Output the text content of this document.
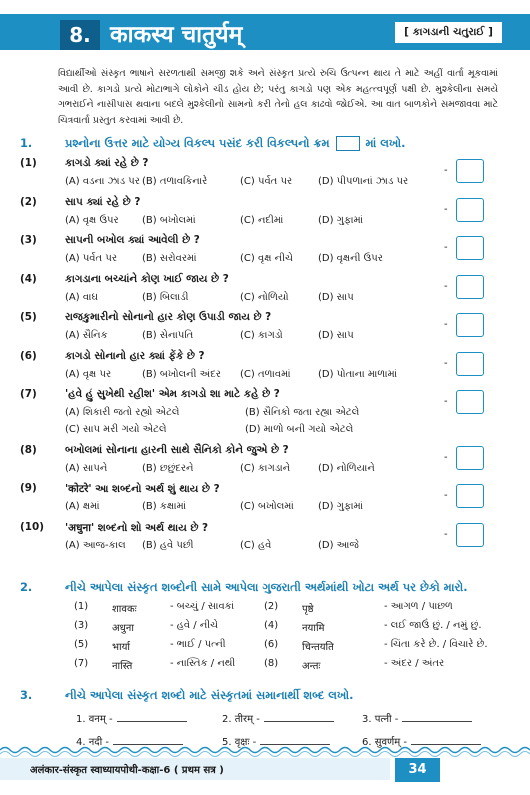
8. काकस्य चातुर्यम्	[ કાગડાની ચતુરાઈ ]
વિદ્યાર્થીઓ સંસ્કૃત ભાષાને સરળતાથી સમજી શકે અને સંસ્કૃત પ્રત્યે રુચિ ઉત્પન્ન થાય તે માટે અહીં વાર્તા મૂકવામાં આવી છે. કાગડો પ્રત્યે મોટાભાગે લોકોને ચીડ હોય છે; પરંતુ કાગડો પણ એક મહત્ત્વપૂર્ણ પક્ષી છે. મુશ્કેલીના સમયે ગભરાઈને નાસીપાસ થવાના બદલે મુશ્કેલીનો સામનો કરી તેનો હલ કાઢવો જોઈએ. આ વાત બાળકોને સમજાવવા માટે ચિત્રવાર્તા પ્રસ્તુત કરવામાં આવી છે.
1.	પ્રશ્નોના ઉત્તર માટે યોગ્ય વિકલ્પ પસંદ કરી વિકલ્પનો ક્રમ	માં લખો.
(1)	કાગડો ક્યાં રહે છે ?
(A) વડના ઝાડ પર (B) તળાવકિનારે	(C) પર્વત પર	(D) પીપળાનાં ઝાડ પર
-
(2)	સાપ ક્યાં રહે છે ?
(A) વૃક્ષ ઉપર (B) બખોલમાં	(C) નદીમાં	(D) ગુફામાં
-
(3)	સાપની બખોલ ક્યાં આવેલી છે ?
(A) પર્વત પર (B) સરોવરમાં	(C) વૃક્ષ નીચે	(D) વૃક્ષની ઉપર
-
(4)	કાગડાના બચ્ચાંને કોણ ખાઈ જાય છે ?
(A) વાઘ	(B) બિલાડી	(C) નોળિયો	(D) સાપ
-
(5)	રાજકુમારીનો સોનાનો હાર કોણ ઉપાડી જાય છે ?
(A) સૈનિક	(B) સેનાપતિ	(C) કાગડો	(D) સાપ
-
(6)	કાગડો સોનાનો હાર ક્યાં ફેંકે છે ?
(A) વૃક્ષ પર	(B) બખોલની અંદર (C) તળાવમાં	(D) પોતાના માળામાં
-
(7)	'હવે હું સુખેથી રહીશ' એમ કાગડો શા માટે કહે છે ?
(A) શિકારી જતો રહ્યો એટલે	(B) સૈનિકો જતા રહ્યા એટલે
(C) સાપ મરી ગયો એટલે	(D) માળો બની ગયો એટલે
-
(8)	બખોલમાં સોનાના હારની સાથે સૈનિકો કોને જુએ છે ?
(A) સાપને	(B) છછુંદરને	(C) કાગડાને	(D) નોળિયાને
-
(9)	'कोटरे' આ શબ્દનો અર્થ શું થાય છે ?
(A) ક્ષમાં	(B) કક્ષામાં	(C) બખોલમાં (D) ગુફામાં
-
(10) 'अधुना' શબ્દનો શો અર્થ થાય છે ?
(A) આજ-કાલ (B) હવે પછી	(C) હવે	(D) આજે
-
2.	નીચે આપેલા સંસ્કૃત શબ્દોની સામે આપેલા ગુજરાતી અર્થમાંથી ખોટા અર્થ પર છેકો મારો.
(1) शावकः	- બચ્ચું / સાવકાં	(2) पृष्ठे	- આગળ / પાછળ
(3) अधुना	- હવે / નીચે	(4) नयामि	- લઈ જાઉં છું. / નમું છું.
(5) भार्या	- ભાઈ / પત્ની	(6) चिन्तयति	- ચિંતા કરે છે. / વિચારે છે.
(7) नास्ति	- નાસ્તિક / નથી	(8) अन्तः	- અંદર / અંતર
3.	નીચે આપેલા સંસ્કૃત શબ્દો માટે સંસ્કૃતમાં સમાનાર્થી શબ્દ લખો.
1. वनम् -	2. तीरम् -	3. पत्नी -
4. नदी -	5. वृक्षः -	6. सुवर्णम् -
अलंकार-संस्कृत स्वाध्यायपोथी-कक्षा-6 ( प्रथम सत्र )	34
